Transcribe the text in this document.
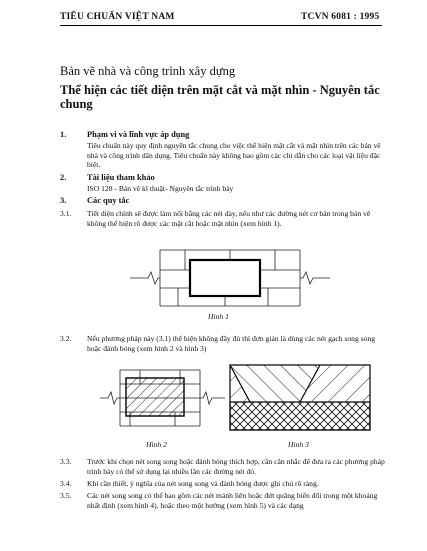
TIÊU CHUẨN VIỆT NAM	TCVN 6081 : 1995
Bản vẽ nhà và công trình xây dựng
Thể hiện các tiết diện trên mặt cắt và mặt nhìn - Nguyên tắc chung
1. Phạm vi và lĩnh vực áp dụng
Tiêu chuẩn này quy định nguyên tắc chung cho việc thể hiện mặt cắt và mặt nhìn trên các bản vẽ nhà và công trình dân dụng. Tiêu chuẩn này không bao gồm các chỉ dẫn cho các loại vật liệu đặc biệt.
2. Tài liệu tham khảo
ISO 128 - Bản vẽ kĩ thuật- Nguyên tắc trình bày
3. Các quy tắc
3.1. Tiết diện chính sẽ được làm nổi bằng các nét dày, nếu như các đường nét cơ bản trong bản vẽ không thể hiện rõ được các mặt cắt hoặc mặt nhìn (xem hình 1).
Hình 1
3.2. Nếu phương pháp này (3.1) thể hiện không đầy đủ thì đơn giản là dùng các nét gạch song song hoặc đánh bóng (xem hình 2 và hình 3)
Hình 2	Hình 3
3.3. Trước khi chọn nét song song hoặc đánh bóng thích hợp, cần cân nhắc để đưa ra các phương pháp trình bày có thể sử dụng lại nhiều lần các đường nét đó.
3.4. Khi cần thiết, ý nghĩa của nét song song và đánh bóng được ghi chú rõ ràng.
3.5. Các nét song song có thể bao gồm các nét mảnh liên hoặc đứt quãng biến đổi trong một khoảng nhất định (xem hình 4), hoặc theo một hướng (xem hình 5) và các dạng
